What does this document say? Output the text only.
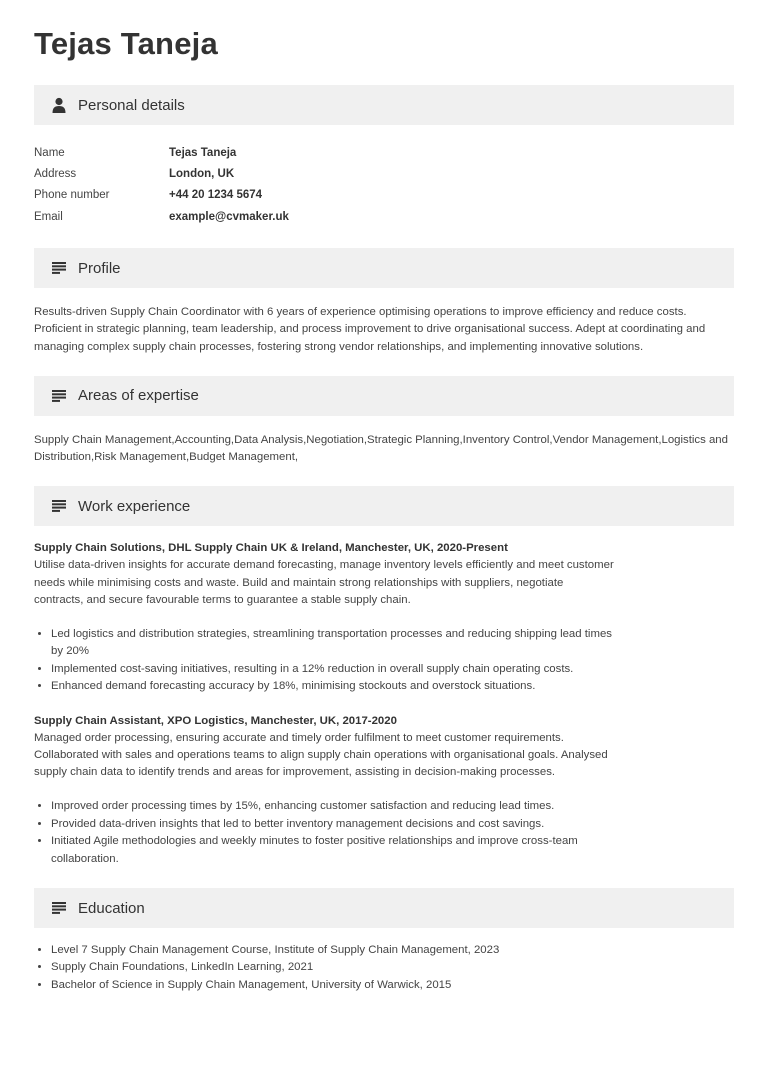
Tejas Taneja
Personal details
Name	Tejas Taneja
Address	London, UK
Phone number	+44 20 1234 5674
Email	example@cvmaker.uk
Profile

Results-driven Supply Chain Coordinator with 6 years of experience optimising operations to improve efficiency and reduce costs. Proficient in strategic planning, team leadership, and process improvement to drive organisational success. Adept at coordinating and managing complex supply chain processes, fostering strong vendor relationships, and implementing innovative solutions.

Areas of expertise

Supply Chain Management,Accounting,Data Analysis,Negotiation,Strategic Planning,Inventory Control,Vendor Management,Logistics and Distribution,Risk Management,Budget Management,

Work experience
Supply Chain Solutions, DHL Supply Chain UK & Ireland, Manchester, UK, 2020-Present

Utilise data-driven insights for accurate demand forecasting, manage inventory levels efficiently and meet customer needs while minimising costs and waste. Build and maintain strong relationships with suppliers, negotiate contracts, and secure favourable terms to guarantee a stable supply chain.

• Led logistics and distribution strategies, streamlining transportation processes and reducing shipping lead times by 20%
• Implemented cost-saving initiatives, resulting in a 12% reduction in overall supply chain operating costs.
• Enhanced demand forecasting accuracy by 18%, minimising stockouts and overstock situations.
Supply Chain Assistant, XPO Logistics, Manchester, UK, 2017-2020

Managed order processing, ensuring accurate and timely order fulfilment to meet customer requirements. Collaborated with sales and operations teams to align supply chain operations with organisational goals. Analysed supply chain data to identify trends and areas for improvement, assisting in decision-making processes.

• Improved order processing times by 15%, enhancing customer satisfaction and reducing lead times.
• Provided data-driven insights that led to better inventory management decisions and cost savings.
• Initiated Agile methodologies and weekly minutes to foster positive relationships and improve cross-team collaboration.
Education
• Level 7 Supply Chain Management Course, Institute of Supply Chain Management, 2023
• Supply Chain Foundations, LinkedIn Learning, 2021
• Bachelor of Science in Supply Chain Management, University of Warwick, 2015
